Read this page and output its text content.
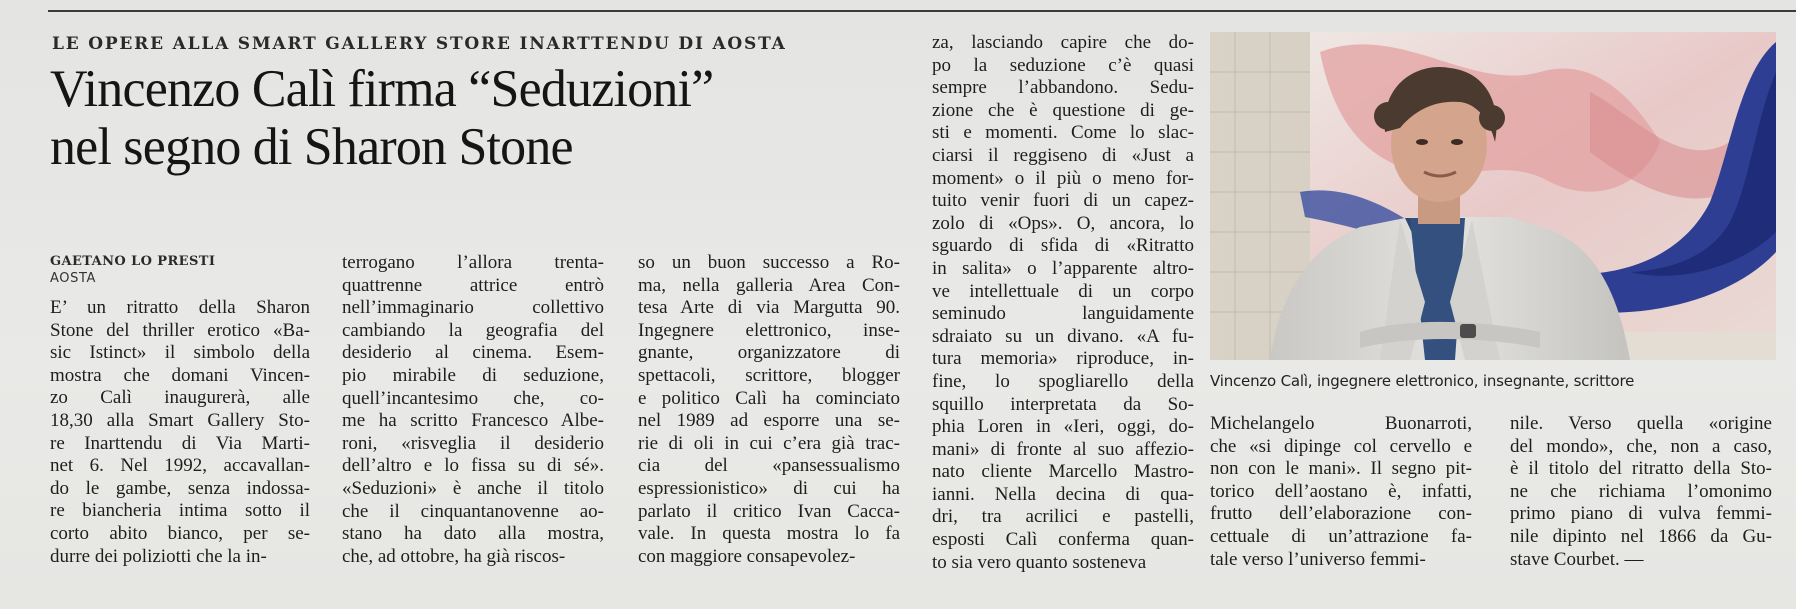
LE OPERE ALLA SMART GALLERY STORE INARTTENDU DI AOSTA
Vincenzo Calì firma “Seduzioni”
nel segno di Sharon Stone
GAETANO LO PRESTI
AOSTA
E’ un ritratto della Sharon
Stone del thriller erotico «Ba-
sic Istinct» il simbolo della
mostra che domani Vincen-
zo Calì inaugurerà, alle
18,30 alla Smart Gallery Sto-
re Inarttendu di Via Marti-
net 6. Nel 1992, accavallan-
do le gambe, senza indossa-
re biancheria intima sotto il
corto abito bianco, per se-
durre dei poliziotti che la in-
terrogano l’allora trenta-
quattrenne attrice entrò
nell’immaginario collettivo
cambiando la geografia del
desiderio al cinema. Esem-
pio mirabile di seduzione,
quell’incantesimo che, co-
me ha scritto Francesco Albe-
roni, «risveglia il desiderio
dell’altro e lo fissa su di sé».
«Seduzioni» è anche il titolo
che il cinquantanovenne ao-
stano ha dato alla mostra,
che, ad ottobre, ha già riscos-
so un buon successo a Ro-
ma, nella galleria Area Con-
tesa Arte di via Margutta 90.
Ingegnere elettronico, inse-
gnante, organizzatore di
spettacoli, scrittore, blogger
e politico Calì ha cominciato
nel 1989 ad esporre una se-
rie di oli in cui c’era già trac-
cia del «pansessualismo
espressionistico» di cui ha
parlato il critico Ivan Cacca-
vale. In questa mostra lo fa
con maggiore consapevolez-
za, lasciando capire che do-
po la seduzione c’è quasi
sempre l’abbandono. Sedu-
zione che è questione di ge-
sti e momenti. Come lo slac-
ciarsi il reggiseno di «Just a
moment» o il più o meno for-
tuito venir fuori di un capez-
zolo di «Ops». O, ancora, lo
sguardo di sfida di «Ritratto
in salita» o l’apparente altro-
ve intellettuale di un corpo
seminudo languidamente
sdraiato su un divano. «A fu-
tura memoria» riproduce, in-
fine, lo spogliarello della
squillo interpretata da So-
phia Loren in «Ieri, oggi, do-
mani» di fronte al suo affezio-
nato cliente Marcello Mastro-
ianni. Nella decina di qua-
dri, tra acrilici e pastelli,
esposti Calì conferma quan-
to sia vero quanto sosteneva
Vincenzo Calì, ingegnere elettronico, insegnante, scrittore
Michelangelo Buonarroti,
che «si dipinge col cervello e
non con le mani». Il segno pit-
torico dell’aostano è, infatti,
frutto dell’elaborazione con-
cettuale di un’attrazione fa-
tale verso l’universo femmi-
nile. Verso quella «origine
del mondo», che, non a caso,
è il titolo del ritratto della Sto-
ne che richiama l’omonimo
primo piano di vulva femmi-
nile dipinto nel 1866 da Gu-
stave Courbet. —
